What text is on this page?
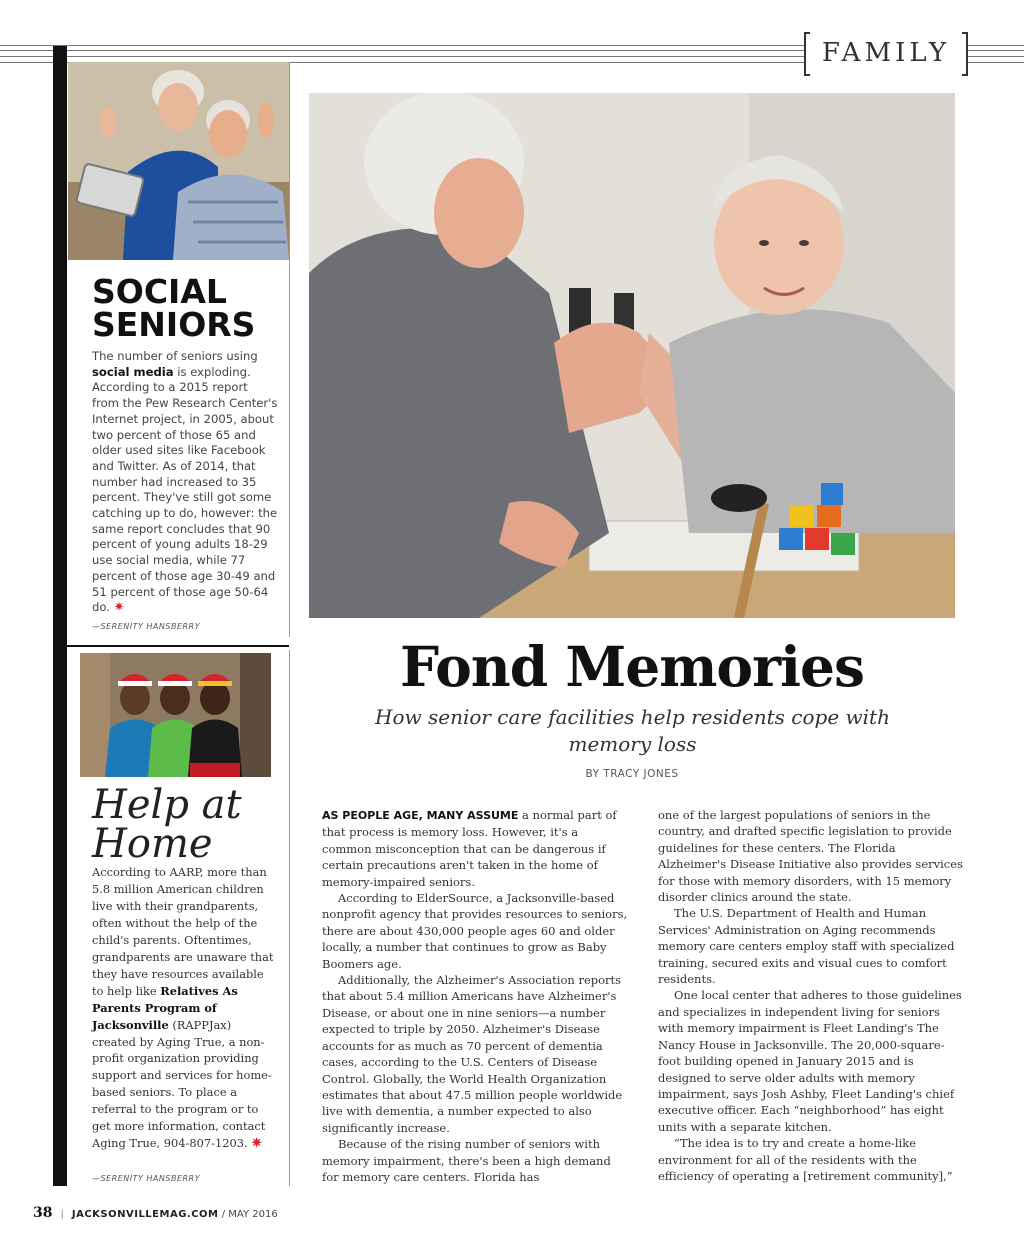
FAMILY
SOCIAL SENIORS
The number of seniors using social media is exploding. According to a 2015 report from the Pew Research Center's Internet project, in 2005, about two percent of those 65 and older used sites like Facebook and Twitter. As of 2014, that number had increased to 35 percent. They've still got some catching up to do, however: the same report concludes that 90 percent of young adults 18-29 use social media, while 77 percent of those age 30-49 and 51 percent of those age 50-64 do. ✷
—SERENITY HANSBERRY
Help at Home
According to AARP, more than 5.8 million American children live with their grandparents, often without the help of the child's parents. Oftentimes, grandparents are unaware that they have resources available to help like Relatives As Parents Program of Jacksonville (RAPPJax) created by Aging True, a non-profit organization providing support and services for home-based seniors. To place a referral to the program or to get more information, contact Aging True, 904-807-1203. ✷
—SERENITY HANSBERRY
Fond Memories
How senior care facilities help residents cope with memory loss
BY TRACY JONES

AS PEOPLE AGE, MANY ASSUME a normal part of that process is memory loss. However, it's a common misconception that can be dangerous if certain precautions aren't taken in the home of memory-impaired seniors.

According to ElderSource, a Jacksonville-based nonprofit agency that provides resources to seniors, there are about 430,000 people ages 60 and older locally, a number that continues to grow as Baby Boomers age.

Additionally, the Alzheimer's Association reports that about 5.4 million Americans have Alzheimer's Disease, or about one in nine seniors—a number expected to triple by 2050. Alzheimer's Disease accounts for as much as 70 percent of dementia cases, according to the U.S. Centers of Disease Control. Globally, the World Health Organization estimates that about 47.5 million people worldwide live with dementia, a number expected to also significantly increase.

Because of the rising number of seniors with memory impairment, there's been a high demand for memory care centers. Florida has

one of the largest populations of seniors in the country, and drafted specific legislation to provide guidelines for these centers. The Florida Alzheimer's Disease Initiative also provides services for those with memory disorders, with 15 memory disorder clinics around the state.

The U.S. Department of Health and Human Services' Administration on Aging recommends memory care centers employ staff with specialized training, secured exits and visual cues to comfort residents.

One local center that adheres to those guidelines and specializes in independent living for seniors with memory impairment is Fleet Landing's The Nancy House in Jacksonville. The 20,000-square-foot building opened in January 2015 and is designed to serve older adults with memory impairment, says Josh Ashby, Fleet Landing's chief executive officer. Each “neighborhood” has eight units with a separate kitchen.

“The idea is to try and create a home-like environment for all of the residents with the efficiency of operating a [retirement community],”

38 | JACKSONVILLEMAG.COM / MAY 2016
